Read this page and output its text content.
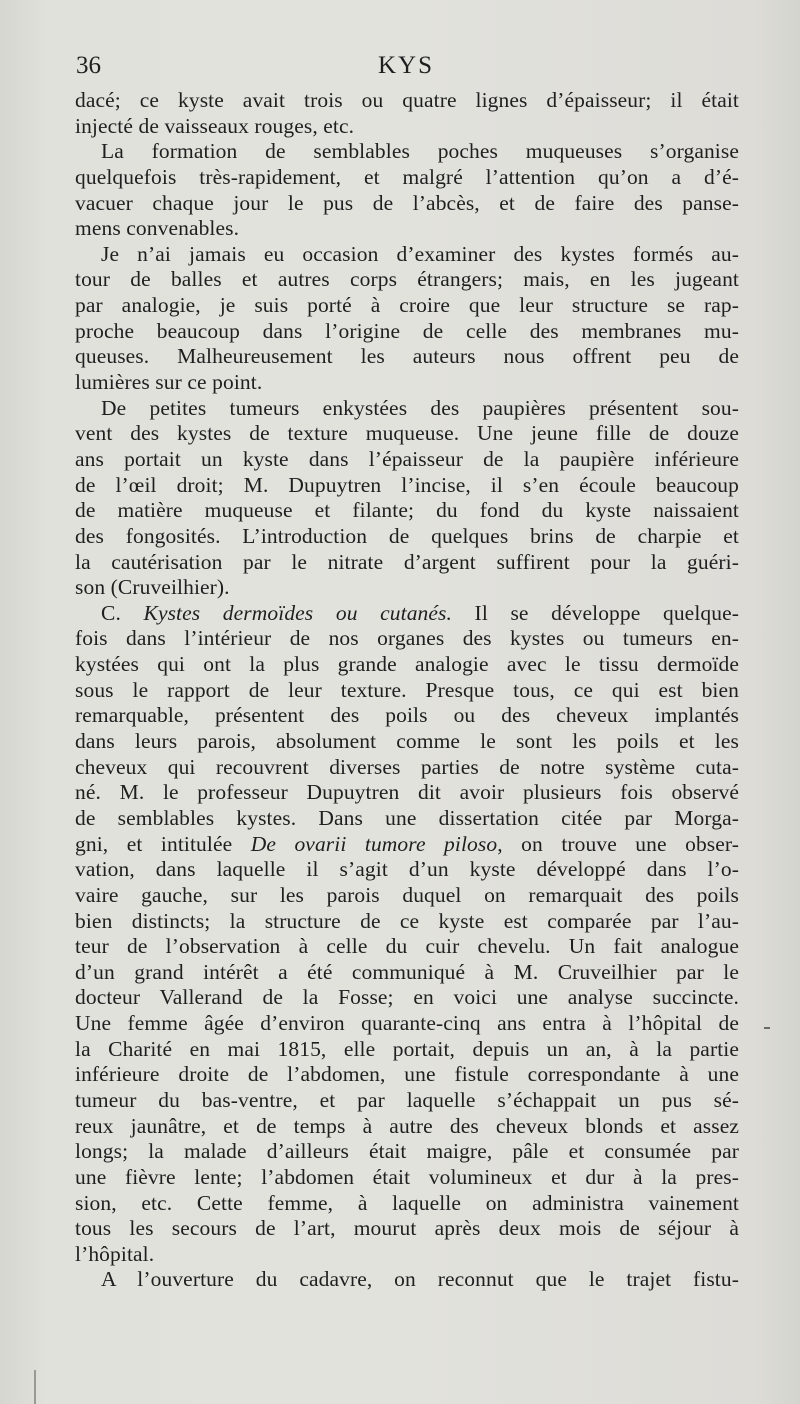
36	KYS
dacé; ce kyste avait trois ou quatre lignes d’épaisseur; il était
injecté de vaisseaux rouges, etc.
La formation de semblables poches muqueuses s’organise
quelquefois très-rapidement, et malgré l’attention qu’on a d’é-
vacuer chaque jour le pus de l’abcès, et de faire des panse-
mens convenables.
Je n’ai jamais eu occasion d’examiner des kystes formés au-
tour de balles et autres corps étrangers; mais, en les jugeant
par analogie, je suis porté à croire que leur structure se rap-
proche beaucoup dans l’origine de celle des membranes mu-
queuses. Malheureusement les auteurs nous offrent peu de
lumières sur ce point.
De petites tumeurs enkystées des paupières présentent sou-
vent des kystes de texture muqueuse. Une jeune fille de douze
ans portait un kyste dans l’épaisseur de la paupière inférieure
de l’œil droit; M. Dupuytren l’incise, il s’en écoule beaucoup
de matière muqueuse et filante; du fond du kyste naissaient
des fongosités. L’introduction de quelques brins de charpie et
la cautérisation par le nitrate d’argent suffirent pour la guéri-
son (Cruveilhier).
C. Kystes dermoïdes ou cutanés. Il se développe quelque-
fois dans l’intérieur de nos organes des kystes ou tumeurs en-
kystées qui ont la plus grande analogie avec le tissu dermoïde
sous le rapport de leur texture. Presque tous, ce qui est bien
remarquable, présentent des poils ou des cheveux implantés
dans leurs parois, absolument comme le sont les poils et les
cheveux qui recouvrent diverses parties de notre système cuta-
né. M. le professeur Dupuytren dit avoir plusieurs fois observé
de semblables kystes. Dans une dissertation citée par Morga-
gni, et intitulée De ovarii tumore piloso, on trouve une obser-
vation, dans laquelle il s’agit d’un kyste développé dans l’o-
vaire gauche, sur les parois duquel on remarquait des poils
bien distincts; la structure de ce kyste est comparée par l’au-
teur de l’observation à celle du cuir chevelu. Un fait analogue
d’un grand intérêt a été communiqué à M. Cruveilhier par le
docteur Vallerand de la Fosse; en voici une analyse succincte.
Une femme âgée d’environ quarante-cinq ans entra à l’hôpital de
la Charité en mai 1815, elle portait, depuis un an, à la partie
inférieure droite de l’abdomen, une fistule correspondante à une
tumeur du bas-ventre, et par laquelle s’échappait un pus sé-
reux jaunâtre, et de temps à autre des cheveux blonds et assez
longs; la malade d’ailleurs était maigre, pâle et consumée par
une fièvre lente; l’abdomen était volumineux et dur à la pres-
sion, etc. Cette femme, à laquelle on administra vainement
tous les secours de l’art, mourut après deux mois de séjour à
l’hôpital.
A l’ouverture du cadavre, on reconnut que le trajet fistu-
